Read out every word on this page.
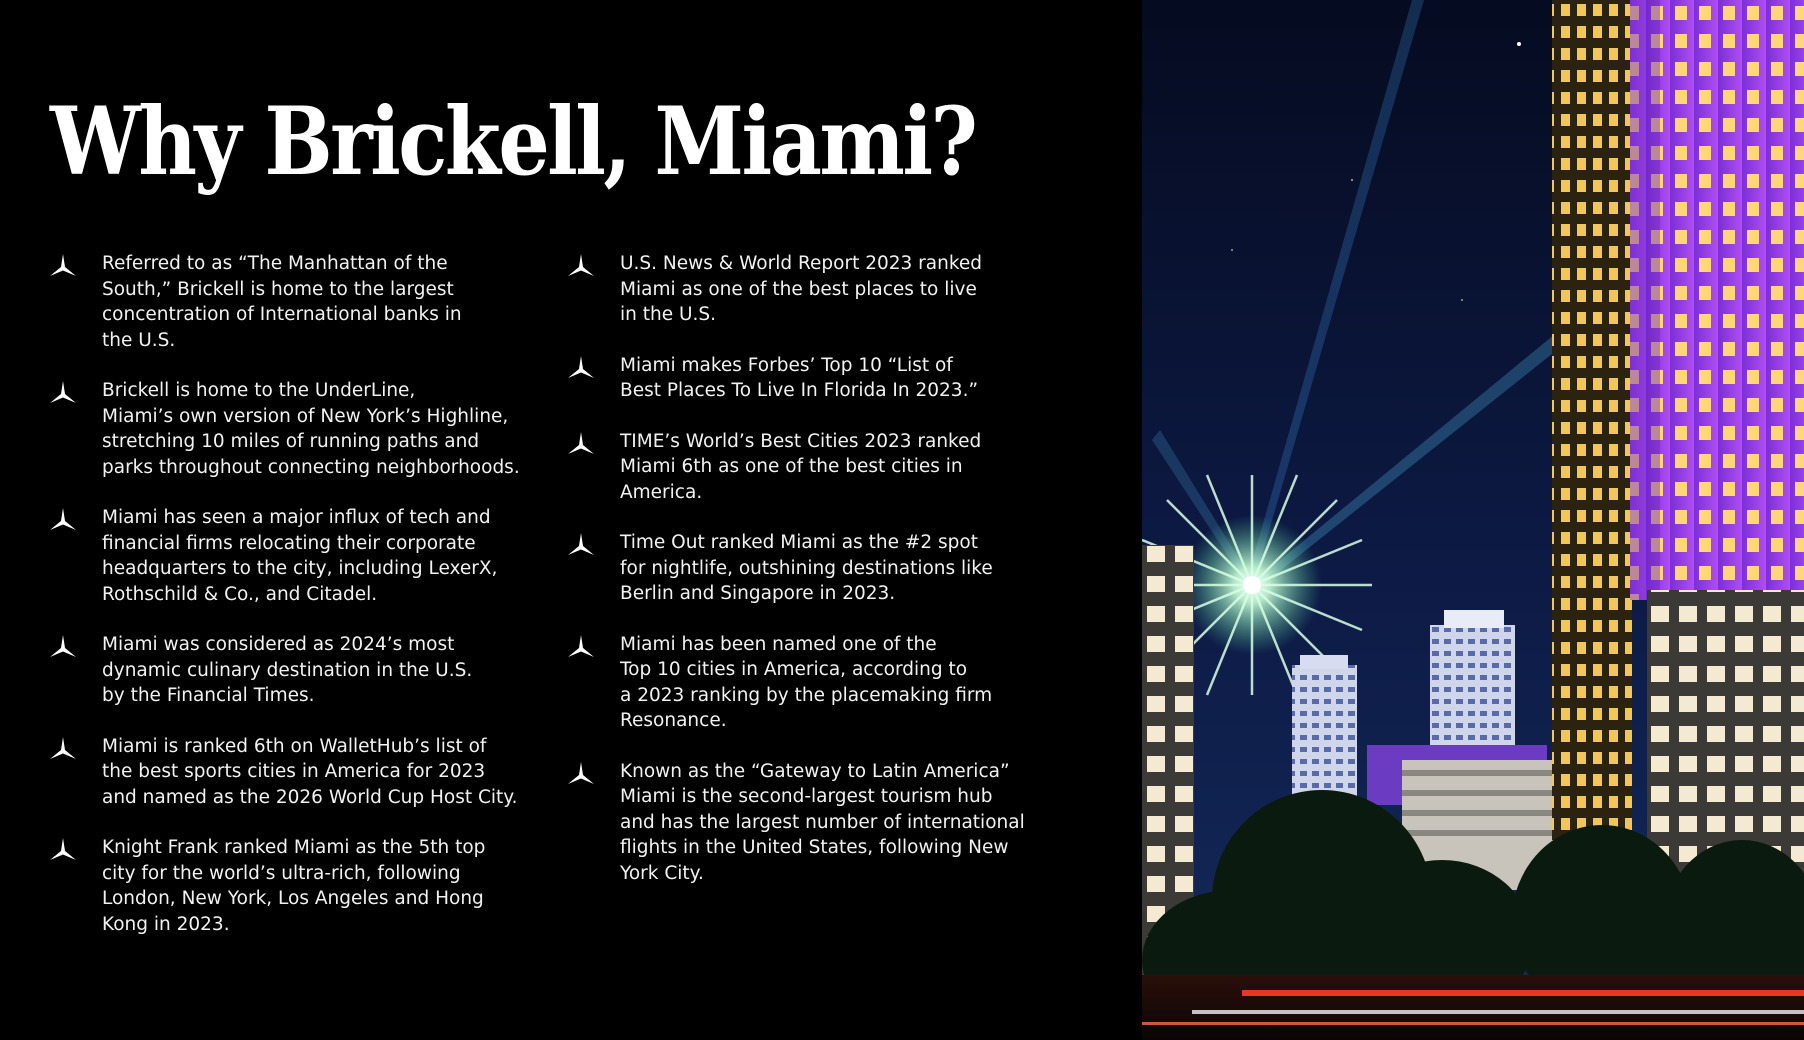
Why Brickell, Miami?
Referred to as “The Manhattan of the
South,” Brickell is home to the largest
concentration of International banks in
the U.S.
Brickell is home to the UnderLine,
Miami’s own version of New York’s Highline,
stretching 10 miles of running paths and
parks throughout connecting neighborhoods.
Miami has seen a major influx of tech and
financial firms relocating their corporate
headquarters to the city, including LexerX,
Rothschild & Co., and Citadel.
Miami was considered as 2024’s most
dynamic culinary destination in the U.S.
by the Financial Times.
Miami is ranked 6th on WalletHub’s list of
the best sports cities in America for 2023
and named as the 2026 World Cup Host City.
Knight Frank ranked Miami as the 5th top
city for the world’s ultra-rich, following
London, New York, Los Angeles and Hong
Kong in 2023.
U.S. News & World Report 2023 ranked
Miami as one of the best places to live
in the U.S.
Miami makes Forbes’ Top 10 “List of
Best Places To Live In Florida In 2023.”
TIME’s World’s Best Cities 2023 ranked
Miami 6th as one of the best cities in
America.
Time Out ranked Miami as the #2 spot
for nightlife, outshining destinations like
Berlin and Singapore in 2023.
Miami has been named one of the
Top 10 cities in America, according to
a 2023 ranking by the placemaking firm
Resonance.
Known as the “Gateway to Latin America”
Miami is the second-largest tourism hub
and has the largest number of international
flights in the United States, following New
York City.
